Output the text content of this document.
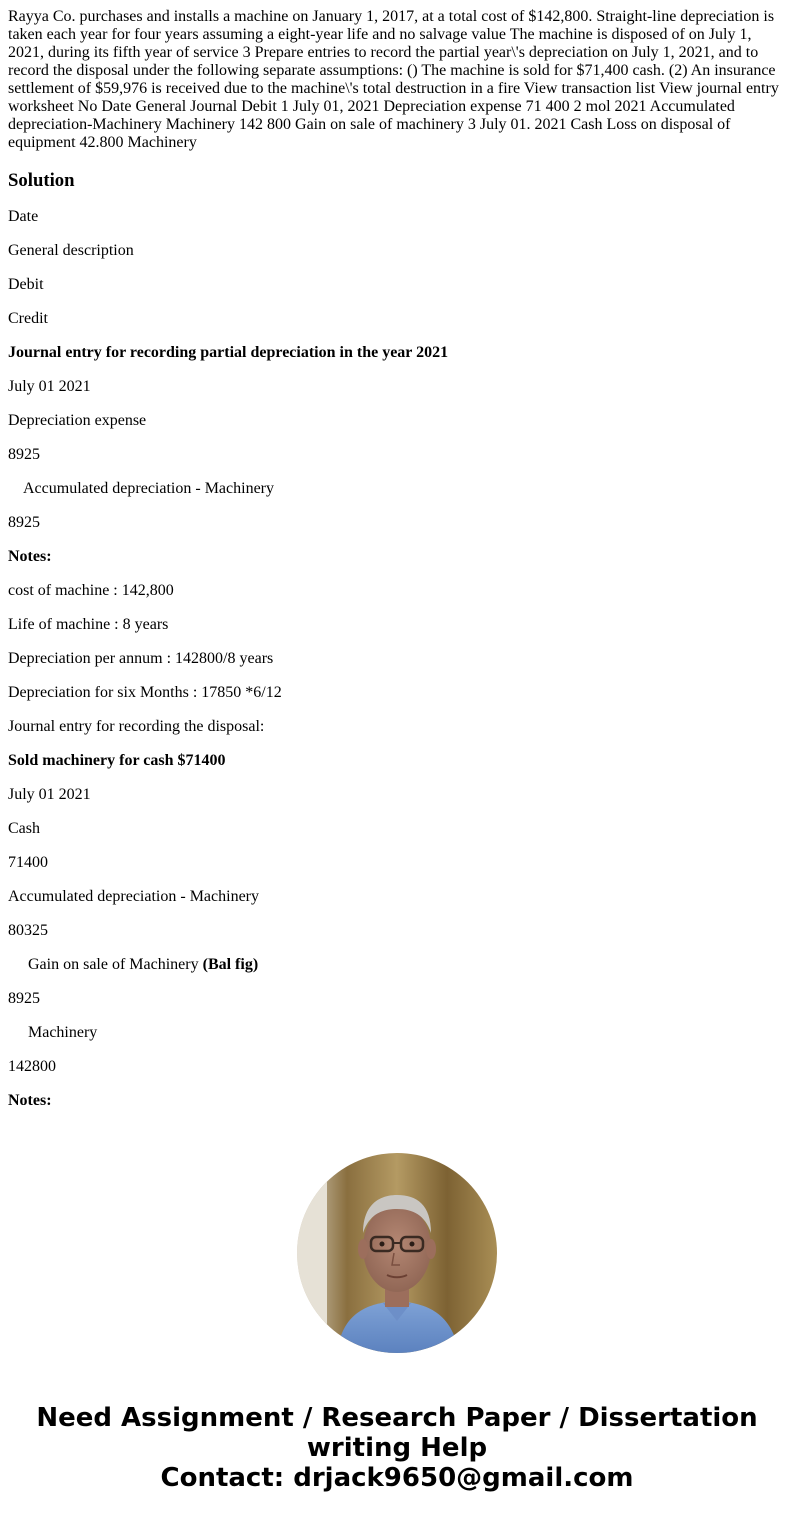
Rayya Co. purchases and installs a machine on January 1, 2017, at a total cost of $142,800. Straight-line depreciation is taken each year for four years assuming a eight-year life and no salvage value The machine is disposed of on July 1, 2021, during its fifth year of service 3 Prepare entries to record the partial year\'s depreciation on July 1, 2021, and to record the disposal under the following separate assumptions: () The machine is sold for $71,400 cash. (2) An insurance settlement of $59,976 is received due to the machine\'s total destruction in a fire View transaction list View journal entry worksheet No Date General Journal Debit 1 July 01, 2021 Depreciation expense 71 400 2 mol 2021 Accumulated depreciation-Machinery Machinery 142 800 Gain on sale of machinery 3 July 01. 2021 Cash Loss on disposal of equipment 42.800 Machinery
Solution

Date

General description

Debit

Credit

Journal entry for recording partial depreciation in the year 2021

July 01 2021

Depreciation expense

8925

Accumulated depreciation - Machinery

8925

Notes:

cost of machine : 142,800

Life of machine : 8 years

Depreciation per annum : 142800/8 years

Depreciation for six Months : 17850 *6/12

Journal entry for recording the disposal:

Sold machinery for cash $71400

July 01 2021

Cash

71400

Accumulated depreciation - Machinery

80325

Gain on sale of Machinery (Bal fig)

8925

Machinery

142800

Notes:

Need Assignment / Research Paper / Dissertation
writing Help
Contact: drjack9650@gmail.com
